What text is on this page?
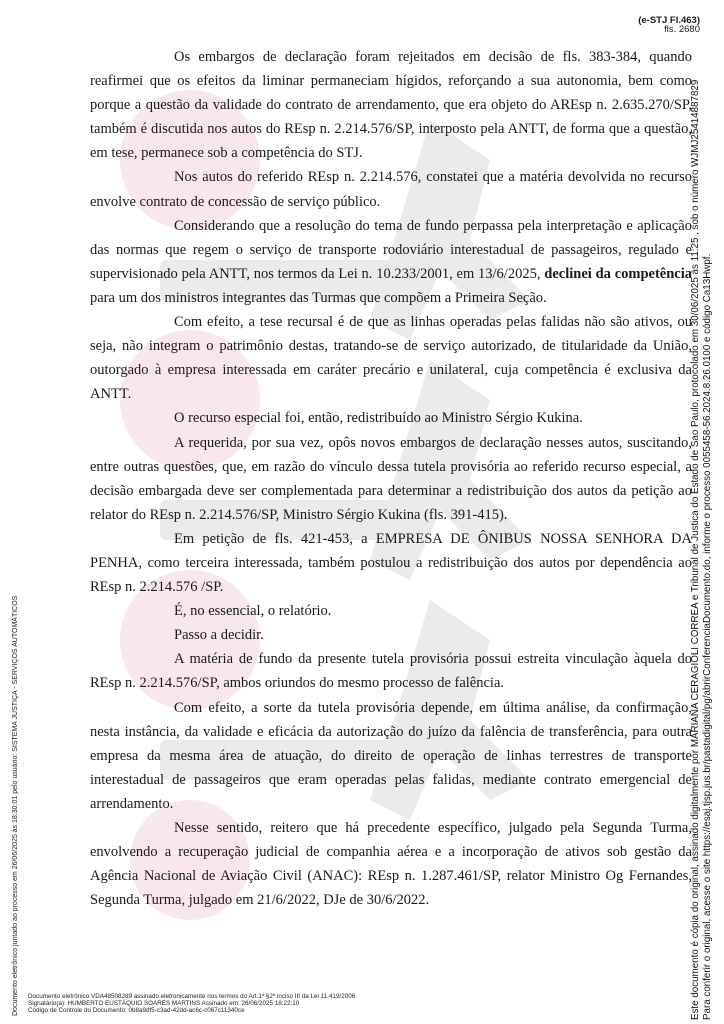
(e-STJ Fl.463)
fls. 2680

Os embargos de declaração foram rejeitados em decisão de fls. 383-384, quando reafirmei que os efeitos da liminar permaneciam hígidos, reforçando a sua autonomia, bem como porque a questão da validade do contrato de arrendamento, que era objeto do AREsp n. 2.635.270/SP, também é discutida nos autos do REsp n. 2.214.576/SP, interposto pela ANTT, de forma que a questão, em tese, permanece sob a competência do STJ.

Nos autos do referido REsp n. 2.214.576, constatei que a matéria devolvida no recurso envolve contrato de concessão de serviço público.

Considerando que a resolução do tema de fundo perpassa pela interpretação e aplicação das normas que regem o serviço de transporte rodoviário interestadual de passageiros, regulado e supervisionado pela ANTT, nos termos da Lei n. 10.233/2001, em 13/6/2025, declinei da competência para um dos ministros integrantes das Turmas que compõem a Primeira Seção.

Com efeito, a tese recursal é de que as linhas operadas pelas falidas não são ativos, ou seja, não integram o patrimônio destas, tratando-se de serviço autorizado, de titularidade da União, outorgado à empresa interessada em caráter precário e unilateral, cuja competência é exclusiva da ANTT.

O recurso especial foi, então, redistribuído ao Ministro Sérgio Kukina.

A requerida, por sua vez, opôs novos embargos de declaração nesses autos, suscitando, entre outras questões, que, em razão do vínculo dessa tutela provisória ao referido recurso especial, a decisão embargada deve ser complementada para determinar a redistribuição dos autos da petição ao relator do REsp n. 2.214.576/SP, Ministro Sérgio Kukina (fls. 391-415).

Em petição de fls. 421-453, a EMPRESA DE ÔNIBUS NOSSA SENHORA DA PENHA, como terceira interessada, também postulou a redistribuição dos autos por dependência ao REsp n. 2.214.576 /SP.

É, no essencial, o relatório.

Passo a decidir.

A matéria de fundo da presente tutela provisória possui estreita vinculação àquela do REsp n. 2.214.576/SP, ambos oriundos do mesmo processo de falência.

Com efeito, a sorte da tutela provisória depende, em última análise, da confirmação, nesta instância, da validade e eficácia da autorização do juízo da falência de transferência, para outra empresa da mesma área de atuação, do direito de operação de linhas terrestres de transporte interestadual de passageiros que eram operadas pelas falidas, mediante contrato emergencial de arrendamento.

Nesse sentido, reitero que há precedente específico, julgado pela Segunda Turma, envolvendo a recuperação judicial de companhia aérea e a incorporação de ativos sob gestão da Agência Nacional de Aviação Civil (ANAC): REsp n. 1.287.461/SP, relator Ministro Og Fernandes, Segunda Turma, julgado em 21/6/2022, DJe de 30/6/2022.

Documento eletrônico juntado ao processo em 26/06/2025 às 18:30:01 pelo usuário: SISTEMA JUSTIÇA - SERVIÇOS AUTOMÁTICOS	Este documento é cópia do original, assinado digitalmente por MARIANA CERAGIOLI CORREA e Tribunal de Justica do Estado de Sao Paulo, protocolado em 30/06/2025 às 11:25 , sob o número WJMJ25414887829 Para conferir o original, acesse o site https://esaj.tjsp.jus.br/pastadigital/pg/abrirConferenciaDocumento.do, informe o processo 0055458-56.2024.8.26.0100 e código Ca13Hwpf.
Documento eletrônico VDA48508289 assinado eletronicamente nos termos do Art.1º §2º inciso III da Lei 11.419/2006
Signatário(a): HUMBERTO EUSTÁQUIO SOARES MARTINS Assinado em: 26/06/2025 18:22:10
Código de Controle do Documento: 0b8a9df5-c3ad-42dd-ac6c-c067c11340ce
